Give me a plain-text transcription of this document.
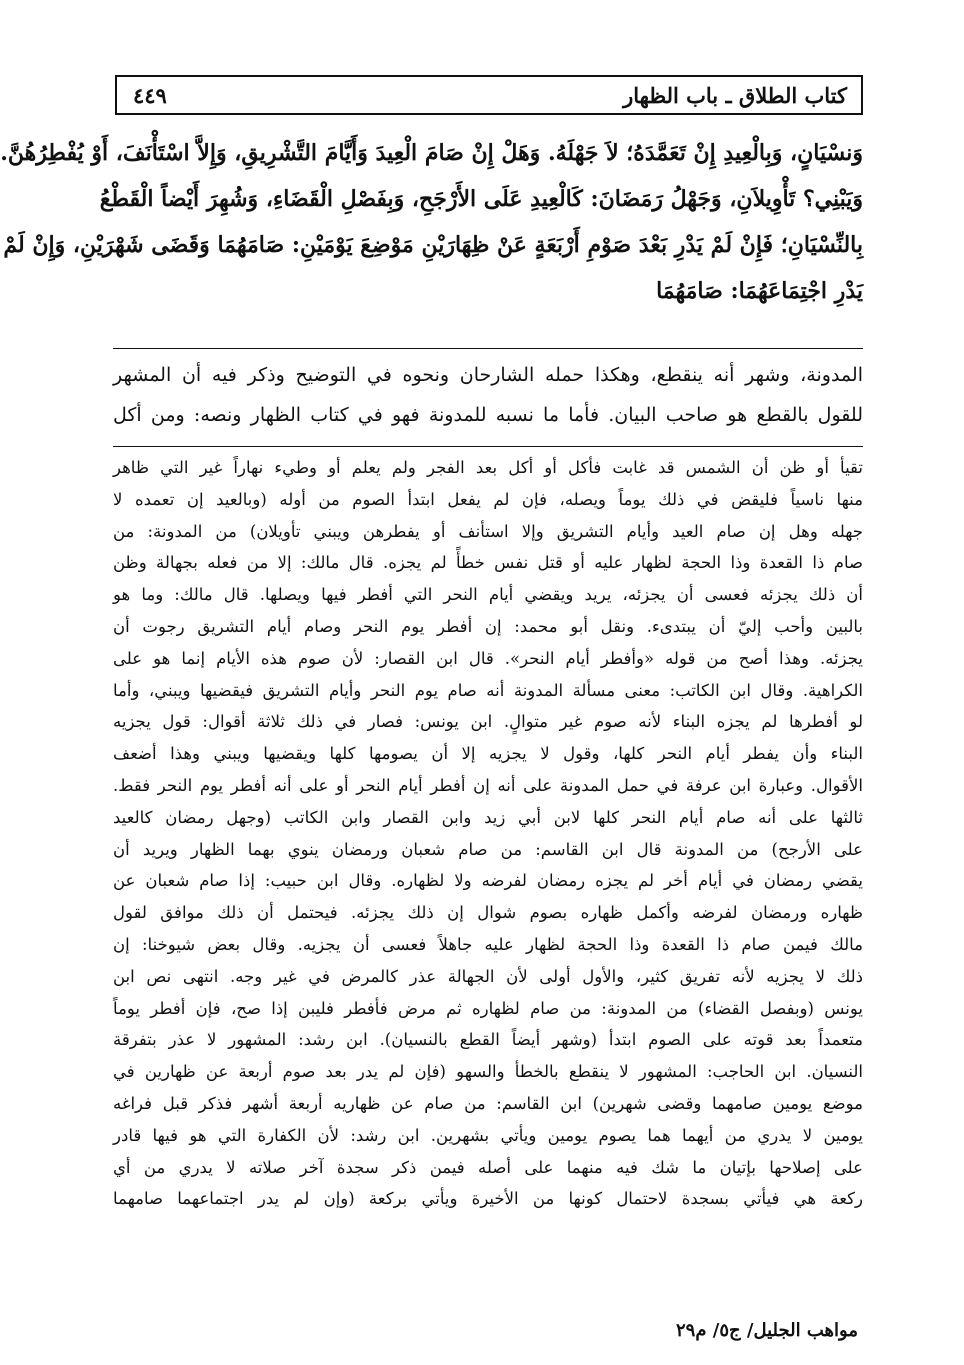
كتاب الطلاق ـ باب الظهار
٤٤٩
وَنسْيَانٍ، وَبِالْعِيدِ إِنْ تَعَمَّدَهُ؛ لاَ جَهْلَهُ. وَهَلْ إِنْ صَامَ الْعِيدَ وَأَيَّامَ التَّشْرِيقِ، وَإِلاَّ اسْتَأْنَفَ، أَوْ يُفْطِرُهُنَّ.
وَيَبْنِي؟ تَأْوِيلاَنِ، وَجَهْلُ رَمَضَانَ: كَالْعِيدِ عَلَى الأَرْجَحِ، وَبِفَصْلِ الْقَضَاءِ، وَشُهِرَ أَيْضاً الْقَطْعُ
بِالنِّسْيَانِ؛ فَإِنْ لَمْ يَدْرِ بَعْدَ صَوْمِ أَرْبَعَةٍ عَنْ ظِهَارَيْنِ مَوْضِعَ يَوْمَيْنِ: صَامَهُمَا وَقَضَى شَهْرَيْنِ، وَإِنْ لَمْ
يَدْرِ اجْتِمَاعَهُمَا: صَامَهُمَا
المدونة، وشهر أنه ينقطع، وهكذا حمله الشارحان ونحوه في التوضيح وذكر فيه أن المشهر
للقول بالقطع هو صاحب البيان. فأما ما نسبه للمدونة فهو في كتاب الظهار ونصه: ومن أكل
تقيأ أو ظن أن الشمس قد غابت فأكل أو أكل بعد الفجر ولم يعلم أو وطيء نهاراً غير التي ظاهر
منها ناسياً فليقض في ذلك يوماً ويصله، فإن لم يفعل ابتدأ الصوم من أوله (وبالعيد إن تعمده لا
جهله وهل إن صام العيد وأيام التشريق وإلا استأنف أو يفطرهن ويبني تأويلان) من المدونة: من
صام ذا القعدة وذا الحجة لظهار عليه أو قتل نفس خطأً لم يجزه. قال مالك: إلا من فعله بجهالة وظن
أن ذلك يجزئه فعسى أن يجزئه، يريد ويقضي أيام النحر التي أفطر فيها ويصلها. قال مالك: وما هو
بالبين وأحب إليّ أن يبتدىء. ونقل أبو محمد: إن أفطر يوم النحر وصام أيام التشريق رجوت أن
يجزئه. وهذا أصح من قوله «وأفطر أيام النحر». قال ابن القصار: لأن صوم هذه الأيام إنما هو على
الكراهية. وقال ابن الكاتب: معنى مسألة المدونة أنه صام يوم النحر وأيام التشريق فيقضيها ويبني، وأما
لو أفطرها لم يجزه البناء لأنه صوم غير متوالٍ. ابن يونس: فصار في ذلك ثلاثة أقوال: قول يجزيه
البناء وأن يفطر أيام النحر كلها، وقول لا يجزيه إلا أن يصومها كلها ويقضيها ويبني وهذا أضعف
الأقوال. وعبارة ابن عرفة في حمل المدونة على أنه إن أفطر أيام النحر أو على أنه أفطر يوم النحر فقط.
ثالثها على أنه صام أيام النحر كلها لابن أبي زيد وابن القصار وابن الكاتب (وجهل رمضان كالعيد
على الأرجح) من المدونة قال ابن القاسم: من صام شعبان ورمضان ينوي بهما الظهار ويريد أن
يقضي رمضان في أيام أخر لم يجزه رمضان لفرضه ولا لظهاره. وقال ابن حبيب: إذا صام شعبان عن
ظهاره ورمضان لفرضه وأكمل ظهاره بصوم شوال إن ذلك يجزئه. فيحتمل أن ذلك موافق لقول
مالك فيمن صام ذا القعدة وذا الحجة لظهار عليه جاهلاً فعسى أن يجزيه. وقال بعض شيوخنا: إن
ذلك لا يجزيه لأنه تفريق كثير، والأول أولى لأن الجهالة عذر كالمرض في غير وجه. انتهى نص ابن
يونس (وبفصل القضاء) من المدونة: من صام لظهاره ثم مرض فأفطر فليبن إذا صح، فإن أفطر يوماً
متعمداً بعد قوته على الصوم ابتدأ (وشهر أيضاً القطع بالنسيان). ابن رشد: المشهور لا عذر بتفرقة
النسيان. ابن الحاجب: المشهور لا ينقطع بالخطأ والسهو (فإن لم يدر بعد صوم أربعة عن ظهارين في
موضع يومين صامهما وقضى شهرين) ابن القاسم: من صام عن ظهاريه أربعة أشهر فذكر قبل فراغه
يومين لا يدري من أيهما هما يصوم يومين ويأتي بشهرين. ابن رشد: لأن الكفارة التي هو فيها قادر
على إصلاحها بإتيان ما شك فيه منهما على أصله فيمن ذكر سجدة آخر صلاته لا يدري من أي
ركعة هي فيأتي بسجدة لاحتمال كونها من الأخيرة ويأتي بركعة (وإن لم يدر اجتماعهما صامهما
مواهب الجليل/ ج٥/ م٢٩
